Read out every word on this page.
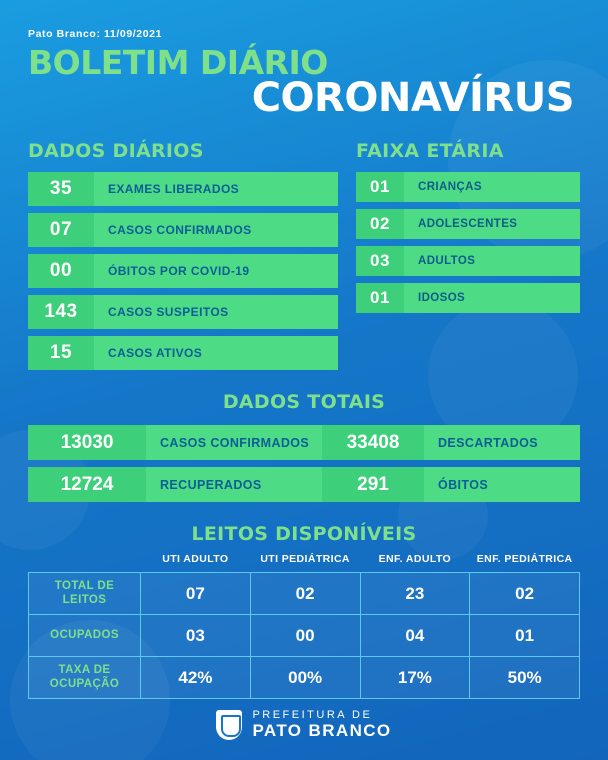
Pato Branco: 11/09/2021
BOLETIM DIÁRIO
CORONAVÍRUS
DADOS DIÁRIOS
35	EXAMES LIBERADOS
07	CASOS CONFIRMADOS
00	ÓBITOS POR COVID-19
143	CASOS SUSPEITOS
15	CASOS ATIVOS
FAIXA ETÁRIA
01	CRIANÇAS
02	ADOLESCENTES
03	ADULTOS
01	IDOSOS
DADOS TOTAIS
13030	CASOS CONFIRMADOS	33408	DESCARTADOS
12724	RECUPERADOS	291	ÓBITOS
LEITOS DISPONÍVEIS
	UTI ADULTO	UTI PEDIÁTRICA	ENF. ADULTO	ENF. PEDIÁTRICA
TOTAL DE LEITOS	07	02	23	02
OCUPADOS	03	00	04	01
TAXA DE OCUPAÇÃO	42%	00%	17%	50%
PREFEITURA DE
PATO BRANCO
